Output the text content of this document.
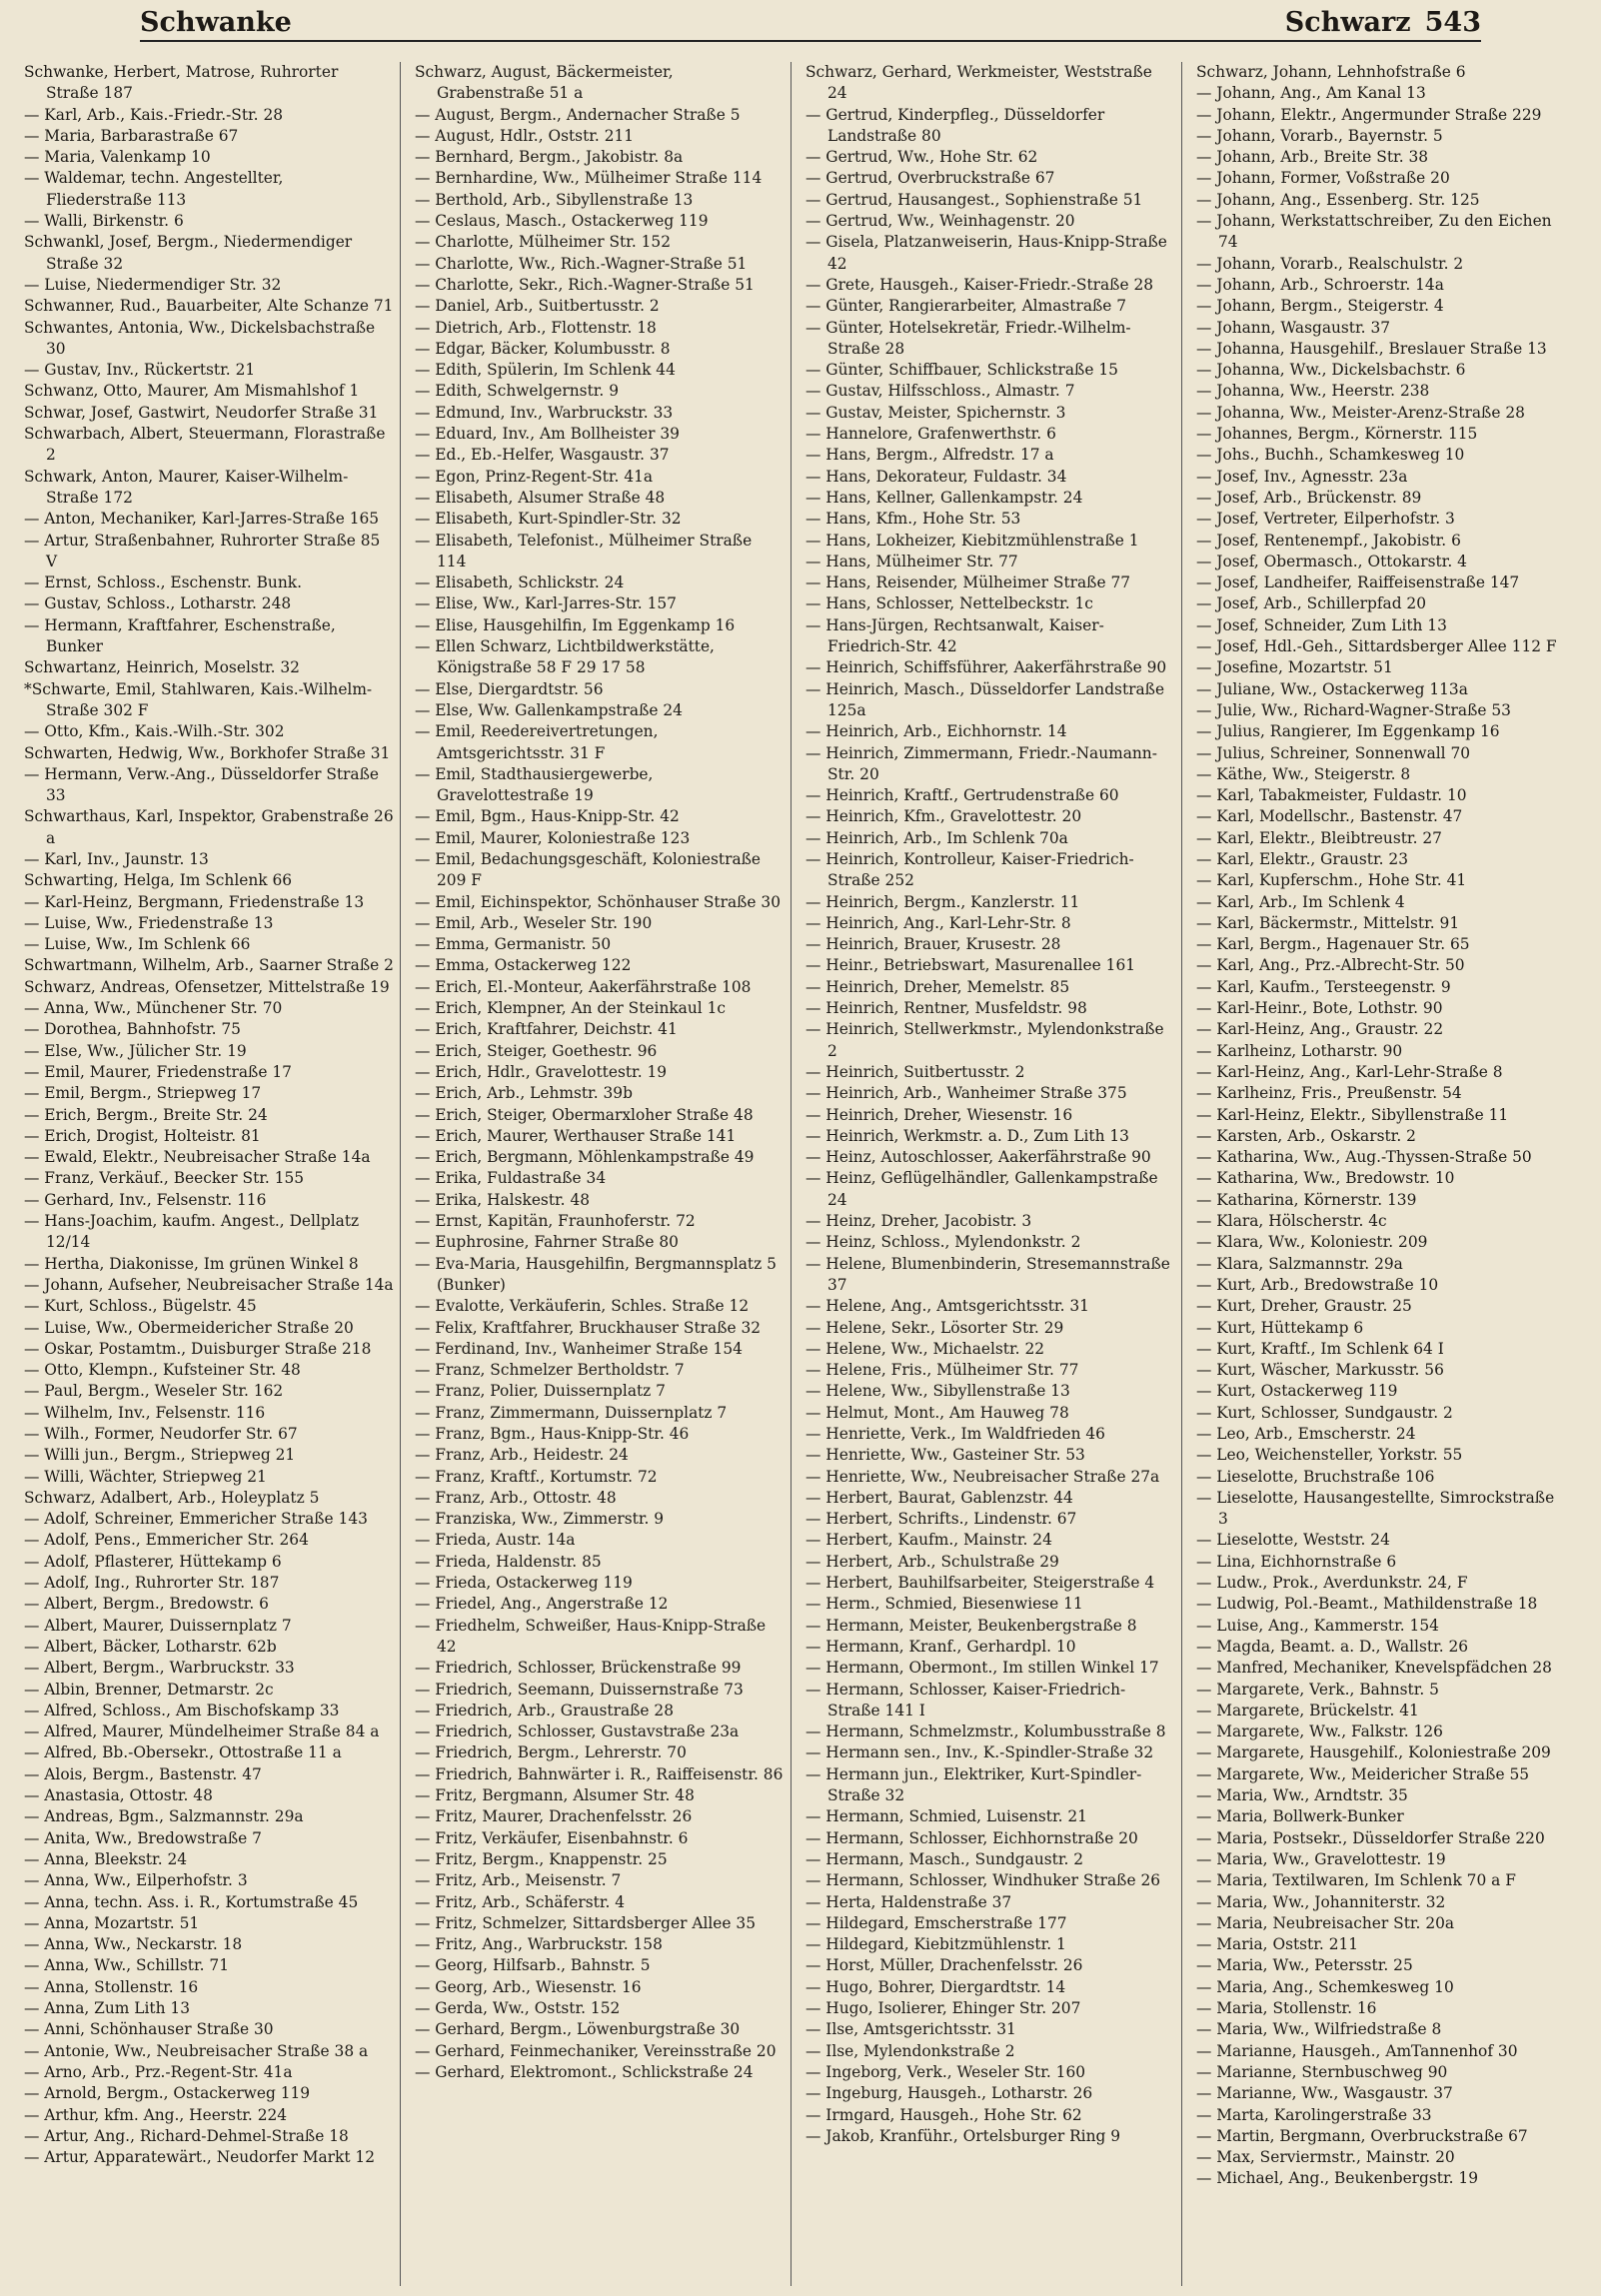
Schwanke	Schwarz 543
Schwanke, Herbert, Matrose, Ruhrorter Straße 187
— Karl, Arb., Kais.-Friedr.-Str. 28
— Maria, Barbarastraße 67
— Maria, Valenkamp 10
— Waldemar, techn. Angestellter, Fliederstraße 113
— Walli, Birkenstr. 6
Schwankl, Josef, Bergm., Niedermendiger Straße 32
— Luise, Niedermendiger Str. 32
Schwanner, Rud., Bauarbeiter, Alte Schanze 71
Schwantes, Antonia, Ww., Dickelsbachstraße 30
— Gustav, Inv., Rückertstr. 21
Schwanz, Otto, Maurer, Am Mismahlshof 1
Schwar, Josef, Gastwirt, Neudorfer Straße 31
Schwarbach, Albert, Steuermann, Florastraße 2
Schwark, Anton, Maurer, Kaiser-Wilhelm-Straße 172
— Anton, Mechaniker, Karl-Jarres-Straße 165
— Artur, Straßenbahner, Ruhrorter Straße 85 V
— Ernst, Schloss., Eschenstr. Bunk.
— Gustav, Schloss., Lotharstr. 248
— Hermann, Kraftfahrer, Eschenstraße, Bunker
Schwartanz, Heinrich, Moselstr. 32
*Schwarte, Emil, Stahlwaren, Kais.-Wilhelm-Straße 302 F
— Otto, Kfm., Kais.-Wilh.-Str. 302
Schwarten, Hedwig, Ww., Borkhofer Straße 31
— Hermann, Verw.-Ang., Düsseldorfer Straße 33
Schwarthaus, Karl, Inspektor, Grabenstraße 26 a
— Karl, Inv., Jaunstr. 13
Schwarting, Helga, Im Schlenk 66
— Karl-Heinz, Bergmann, Friedenstraße 13
— Luise, Ww., Friedenstraße 13
— Luise, Ww., Im Schlenk 66
Schwartmann, Wilhelm, Arb., Saarner Straße 2
Schwarz, Andreas, Ofensetzer, Mittelstraße 19
— Anna, Ww., Münchener Str. 70
— Dorothea, Bahnhofstr. 75
— Else, Ww., Jülicher Str. 19
— Emil, Maurer, Friedenstraße 17
— Emil, Bergm., Striepweg 17
— Erich, Bergm., Breite Str. 24
— Erich, Drogist, Holteistr. 81
— Ewald, Elektr., Neubreisacher Straße 14a
— Franz, Verkäuf., Beecker Str. 155
— Gerhard, Inv., Felsenstr. 116
— Hans-Joachim, kaufm. Angest., Dellplatz 12/14
— Hertha, Diakonisse, Im grünen Winkel 8
— Johann, Aufseher, Neubreisacher Straße 14a
— Kurt, Schloss., Bügelstr. 45
— Luise, Ww., Obermeidericher Straße 20
— Oskar, Postamtm., Duisburger Straße 218
— Otto, Klempn., Kufsteiner Str. 48
— Paul, Bergm., Weseler Str. 162
— Wilhelm, Inv., Felsenstr. 116
— Wilh., Former, Neudorfer Str. 67
— Willi jun., Bergm., Striepweg 21
— Willi, Wächter, Striepweg 21
Schwarz, Adalbert, Arb., Holeyplatz 5
— Adolf, Schreiner, Emmericher Straße 143
— Adolf, Pens., Emmericher Str. 264
— Adolf, Pflasterer, Hüttekamp 6
— Adolf, Ing., Ruhrorter Str. 187
— Albert, Bergm., Bredowstr. 6
— Albert, Maurer, Duissernplatz 7
— Albert, Bäcker, Lotharstr. 62b
— Albert, Bergm., Warbruckstr. 33
— Albin, Brenner, Detmarstr. 2c
— Alfred, Schloss., Am Bischofskamp 33
— Alfred, Maurer, Mündelheimer Straße 84 a
— Alfred, Bb.-Obersekr., Ottostraße 11 a
— Alois, Bergm., Bastenstr. 47
— Anastasia, Ottostr. 48
— Andreas, Bgm., Salzmannstr. 29a
— Anita, Ww., Bredowstraße 7
— Anna, Bleekstr. 24
— Anna, Ww., Eilperhofstr. 3
— Anna, techn. Ass. i. R., Kortumstraße 45
— Anna, Mozartstr. 51
— Anna, Ww., Neckarstr. 18
— Anna, Ww., Schillstr. 71
— Anna, Stollenstr. 16
— Anna, Zum Lith 13
— Anni, Schönhauser Straße 30
— Antonie, Ww., Neubreisacher Straße 38 a
— Arno, Arb., Prz.-Regent-Str. 41a
— Arnold, Bergm., Ostackerweg 119
— Arthur, kfm. Ang., Heerstr. 224
— Artur, Ang., Richard-Dehmel-Straße 18
— Artur, Apparatewärt., Neudorfer Markt 12
Schwarz, August, Bäckermeister, Grabenstraße 51 a
— August, Bergm., Andernacher Straße 5
— August, Hdlr., Oststr. 211
— Bernhard, Bergm., Jakobistr. 8a
— Bernhardine, Ww., Mülheimer Straße 114
— Berthold, Arb., Sibyllenstraße 13
— Ceslaus, Masch., Ostackerweg 119
— Charlotte, Mülheimer Str. 152
— Charlotte, Ww., Rich.-Wagner-Straße 51
— Charlotte, Sekr., Rich.-Wagner-Straße 51
— Daniel, Arb., Suitbertusstr. 2
— Dietrich, Arb., Flottenstr. 18
— Edgar, Bäcker, Kolumbusstr. 8
— Edith, Spülerin, Im Schlenk 44
— Edith, Schwelgernstr. 9
— Edmund, Inv., Warbruckstr. 33
— Eduard, Inv., Am Bollheister 39
— Ed., Eb.-Helfer, Wasgaustr. 37
— Egon, Prinz-Regent-Str. 41a
— Elisabeth, Alsumer Straße 48
— Elisabeth, Kurt-Spindler-Str. 32
— Elisabeth, Telefonist., Mülheimer Straße 114
— Elisabeth, Schlickstr. 24
— Elise, Ww., Karl-Jarres-Str. 157
— Elise, Hausgehilfin, Im Eggenkamp 16
— Ellen Schwarz, Lichtbildwerkstätte, Königstraße 58 F 29 17 58
— Else, Diergardtstr. 56
— Else, Ww. Gallenkampstraße 24
— Emil, Reedereivertretungen, Amtsgerichtsstr. 31 F
— Emil, Stadthausiergewerbe, Gravelottestraße 19
— Emil, Bgm., Haus-Knipp-Str. 42
— Emil, Maurer, Koloniestraße 123
— Emil, Bedachungsgeschäft, Koloniestraße 209 F
— Emil, Eichinspektor, Schönhauser Straße 30
— Emil, Arb., Weseler Str. 190
— Emma, Germanistr. 50
— Emma, Ostackerweg 122
— Erich, El.-Monteur, Aakerfährstraße 108
— Erich, Klempner, An der Steinkaul 1c
— Erich, Kraftfahrer, Deichstr. 41
— Erich, Steiger, Goethestr. 96
— Erich, Hdlr., Gravelottestr. 19
— Erich, Arb., Lehmstr. 39b
— Erich, Steiger, Obermarxloher Straße 48
— Erich, Maurer, Werthauser Straße 141
— Erich, Bergmann, Möhlenkampstraße 49
— Erika, Fuldastraße 34
— Erika, Halskestr. 48
— Ernst, Kapitän, Fraunhoferstr. 72
— Euphrosine, Fahrner Straße 80
— Eva-Maria, Hausgehilfin, Bergmannsplatz 5 (Bunker)
— Evalotte, Verkäuferin, Schles. Straße 12
— Felix, Kraftfahrer, Bruckhauser Straße 32
— Ferdinand, Inv., Wanheimer Straße 154
— Franz, Schmelzer Bertholdstr. 7
— Franz, Polier, Duissernplatz 7
— Franz, Zimmermann, Duissernplatz 7
— Franz, Bgm., Haus-Knipp-Str. 46
— Franz, Arb., Heidestr. 24
— Franz, Kraftf., Kortumstr. 72
— Franz, Arb., Ottostr. 48
— Franziska, Ww., Zimmerstr. 9
— Frieda, Austr. 14a
— Frieda, Haldenstr. 85
— Frieda, Ostackerweg 119
— Friedel, Ang., Angerstraße 12
— Friedhelm, Schweißer, Haus-Knipp-Straße 42
— Friedrich, Schlosser, Brückenstraße 99
— Friedrich, Seemann, Duissernstraße 73
— Friedrich, Arb., Graustraße 28
— Friedrich, Schlosser, Gustavstraße 23a
— Friedrich, Bergm., Lehrerstr. 70
— Friedrich, Bahnwärter i. R., Raiffeisenstr. 86
— Fritz, Bergmann, Alsumer Str. 48
— Fritz, Maurer, Drachenfelsstr. 26
— Fritz, Verkäufer, Eisenbahnstr. 6
— Fritz, Bergm., Knappenstr. 25
— Fritz, Arb., Meisenstr. 7
— Fritz, Arb., Schäferstr. 4
— Fritz, Schmelzer, Sittardsberger Allee 35
— Fritz, Ang., Warbruckstr. 158
— Georg, Hilfsarb., Bahnstr. 5
— Georg, Arb., Wiesenstr. 16
— Gerda, Ww., Oststr. 152
— Gerhard, Bergm., Löwenburgstraße 30
— Gerhard, Feinmechaniker, Vereinsstraße 20
— Gerhard, Elektromont., Schlickstraße 24
Schwarz, Gerhard, Werkmeister, Weststraße 24
— Gertrud, Kinderpfleg., Düsseldorfer Landstraße 80
— Gertrud, Ww., Hohe Str. 62
— Gertrud, Overbruckstraße 67
— Gertrud, Hausangest., Sophienstraße 51
— Gertrud, Ww., Weinhagenstr. 20
— Gisela, Platzanweiserin, Haus-Knipp-Straße 42
— Grete, Hausgeh., Kaiser-Friedr.-Straße 28
— Günter, Rangierarbeiter, Almastraße 7
— Günter, Hotelsekretär, Friedr.-Wilhelm-Straße 28
— Günter, Schiffbauer, Schlickstraße 15
— Gustav, Hilfsschloss., Almastr. 7
— Gustav, Meister, Spichernstr. 3
— Hannelore, Grafenwerthstr. 6
— Hans, Bergm., Alfredstr. 17 a
— Hans, Dekorateur, Fuldastr. 34
— Hans, Kellner, Gallenkampstr. 24
— Hans, Kfm., Hohe Str. 53
— Hans, Lokheizer, Kiebitzmühlenstraße 1
— Hans, Mülheimer Str. 77
— Hans, Reisender, Mülheimer Straße 77
— Hans, Schlosser, Nettelbeckstr. 1c
— Hans-Jürgen, Rechtsanwalt, Kaiser-Friedrich-Str. 42
— Heinrich, Schiffsführer, Aakerfährstraße 90
— Heinrich, Masch., Düsseldorfer Landstraße 125a
— Heinrich, Arb., Eichhornstr. 14
— Heinrich, Zimmermann, Friedr.-Naumann-Str. 20
— Heinrich, Kraftf., Gertrudenstraße 60
— Heinrich, Kfm., Gravelottestr. 20
— Heinrich, Arb., Im Schlenk 70a
— Heinrich, Kontrolleur, Kaiser-Friedrich-Straße 252
— Heinrich, Bergm., Kanzlerstr. 11
— Heinrich, Ang., Karl-Lehr-Str. 8
— Heinrich, Brauer, Krusestr. 28
— Heinr., Betriebswart, Masurenallee 161
— Heinrich, Dreher, Memelstr. 85
— Heinrich, Rentner, Musfeldstr. 98
— Heinrich, Stellwerkmstr., Mylendonkstraße 2
— Heinrich, Suitbertusstr. 2
— Heinrich, Arb., Wanheimer Straße 375
— Heinrich, Dreher, Wiesenstr. 16
— Heinrich, Werkmstr. a. D., Zum Lith 13
— Heinz, Autoschlosser, Aakerfährstraße 90
— Heinz, Geflügelhändler, Gallenkampstraße 24
— Heinz, Dreher, Jacobistr. 3
— Heinz, Schloss., Mylendonkstr. 2
— Helene, Blumenbinderin, Stresemannstraße 37
— Helene, Ang., Amtsgerichtsstr. 31
— Helene, Sekr., Lösorter Str. 29
— Helene, Ww., Michaelstr. 22
— Helene, Fris., Mülheimer Str. 77
— Helene, Ww., Sibyllenstraße 13
— Helmut, Mont., Am Hauweg 78
— Henriette, Verk., Im Waldfrieden 46
— Henriette, Ww., Gasteiner Str. 53
— Henriette, Ww., Neubreisacher Straße 27a
— Herbert, Baurat, Gablenzstr. 44
— Herbert, Schrifts., Lindenstr. 67
— Herbert, Kaufm., Mainstr. 24
— Herbert, Arb., Schulstraße 29
— Herbert, Bauhilfsarbeiter, Steigerstraße 4
— Herm., Schmied, Biesenwiese 11
— Hermann, Meister, Beukenbergstraße 8
— Hermann, Kranf., Gerhardpl. 10
— Hermann, Obermont., Im stillen Winkel 17
— Hermann, Schlosser, Kaiser-Friedrich-Straße 141 I
— Hermann, Schmelzmstr., Kolumbusstraße 8
— Hermann sen., Inv., K.-Spindler-Straße 32
— Hermann jun., Elektriker, Kurt-Spindler-Straße 32
— Hermann, Schmied, Luisenstr. 21
— Hermann, Schlosser, Eichhornstraße 20
— Hermann, Masch., Sundgaustr. 2
— Hermann, Schlosser, Windhuker Straße 26
— Herta, Haldenstraße 37
— Hildegard, Emscherstraße 177
— Hildegard, Kiebitzmühlenstr. 1
— Horst, Müller, Drachenfelsstr. 26
— Hugo, Bohrer, Diergardtstr. 14
— Hugo, Isolierer, Ehinger Str. 207
— Ilse, Amtsgerichtsstr. 31
— Ilse, Mylendonkstraße 2
— Ingeborg, Verk., Weseler Str. 160
— Ingeburg, Hausgeh., Lotharstr. 26
— Irmgard, Hausgeh., Hohe Str. 62
— Jakob, Kranführ., Ortelsburger Ring 9
Schwarz, Johann, Lehnhofstraße 6
— Johann, Ang., Am Kanal 13
— Johann, Elektr., Angermunder Straße 229
— Johann, Vorarb., Bayernstr. 5
— Johann, Arb., Breite Str. 38
— Johann, Former, Voßstraße 20
— Johann, Ang., Essenberg. Str. 125
— Johann, Werkstattschreiber, Zu den Eichen 74
— Johann, Vorarb., Realschulstr. 2
— Johann, Arb., Schroerstr. 14a
— Johann, Bergm., Steigerstr. 4
— Johann, Wasgaustr. 37
— Johanna, Hausgehilf., Breslauer Straße 13
— Johanna, Ww., Dickelsbachstr. 6
— Johanna, Ww., Heerstr. 238
— Johanna, Ww., Meister-Arenz-Straße 28
— Johannes, Bergm., Körnerstr. 115
— Johs., Buchh., Schamkesweg 10
— Josef, Inv., Agnesstr. 23a
— Josef, Arb., Brückenstr. 89
— Josef, Vertreter, Eilperhofstr. 3
— Josef, Rentenempf., Jakobistr. 6
— Josef, Obermasch., Ottokarstr. 4
— Josef, Landheifer, Raiffeisenstraße 147
— Josef, Arb., Schillerpfad 20
— Josef, Schneider, Zum Lith 13
— Josef, Hdl.-Geh., Sittardsberger Allee 112 F
— Josefine, Mozartstr. 51
— Juliane, Ww., Ostackerweg 113a
— Julie, Ww., Richard-Wagner-Straße 53
— Julius, Rangierer, Im Eggenkamp 16
— Julius, Schreiner, Sonnenwall 70
— Käthe, Ww., Steigerstr. 8
— Karl, Tabakmeister, Fuldastr. 10
— Karl, Modellschr., Bastenstr. 47
— Karl, Elektr., Bleibtreustr. 27
— Karl, Elektr., Graustr. 23
— Karl, Kupferschm., Hohe Str. 41
— Karl, Arb., Im Schlenk 4
— Karl, Bäckermstr., Mittelstr. 91
— Karl, Bergm., Hagenauer Str. 65
— Karl, Ang., Prz.-Albrecht-Str. 50
— Karl, Kaufm., Tersteegenstr. 9
— Karl-Heinr., Bote, Lothstr. 90
— Karl-Heinz, Ang., Graustr. 22
— Karlheinz, Lotharstr. 90
— Karl-Heinz, Ang., Karl-Lehr-Straße 8
— Karlheinz, Fris., Preußenstr. 54
— Karl-Heinz, Elektr., Sibyllenstraße 11
— Karsten, Arb., Oskarstr. 2
— Katharina, Ww., Aug.-Thyssen-Straße 50
— Katharina, Ww., Bredowstr. 10
— Katharina, Körnerstr. 139
— Klara, Hölscherstr. 4c
— Klara, Ww., Koloniestr. 209
— Klara, Salzmannstr. 29a
— Kurt, Arb., Bredowstraße 10
— Kurt, Dreher, Graustr. 25
— Kurt, Hüttekamp 6
— Kurt, Kraftf., Im Schlenk 64 I
— Kurt, Wäscher, Markusstr. 56
— Kurt, Ostackerweg 119
— Kurt, Schlosser, Sundgaustr. 2
— Leo, Arb., Emscherstr. 24
— Leo, Weichensteller, Yorkstr. 55
— Lieselotte, Bruchstraße 106
— Lieselotte, Hausangestellte, Simrockstraße 3
— Lieselotte, Weststr. 24
— Lina, Eichhornstraße 6
— Ludw., Prok., Averdunkstr. 24, F
— Ludwig, Pol.-Beamt., Mathildenstraße 18
— Luise, Ang., Kammerstr. 154
— Magda, Beamt. a. D., Wallstr. 26
— Manfred, Mechaniker, Knevelspfädchen 28
— Margarete, Verk., Bahnstr. 5
— Margarete, Brückelstr. 41
— Margarete, Ww., Falkstr. 126
— Margarete, Hausgehilf., Koloniestraße 209
— Margarete, Ww., Meidericher Straße 55
— Maria, Ww., Arndtstr. 35
— Maria, Bollwerk-Bunker
— Maria, Postsekr., Düsseldorfer Straße 220
— Maria, Ww., Gravelottestr. 19
— Maria, Textilwaren, Im Schlenk 70 a F
— Maria, Ww., Johanniterstr. 32
— Maria, Neubreisacher Str. 20a
— Maria, Oststr. 211
— Maria, Ww., Petersstr. 25
— Maria, Ang., Schemkesweg 10
— Maria, Stollenstr. 16
— Maria, Ww., Wilfriedstraße 8
— Marianne, Hausgeh., AmTannenhof 30
— Marianne, Sternbuschweg 90
— Marianne, Ww., Wasgaustr. 37
— Marta, Karolingerstraße 33
— Martin, Bergmann, Overbruckstraße 67
— Max, Serviermstr., Mainstr. 20
— Michael, Ang., Beukenbergstr. 19
